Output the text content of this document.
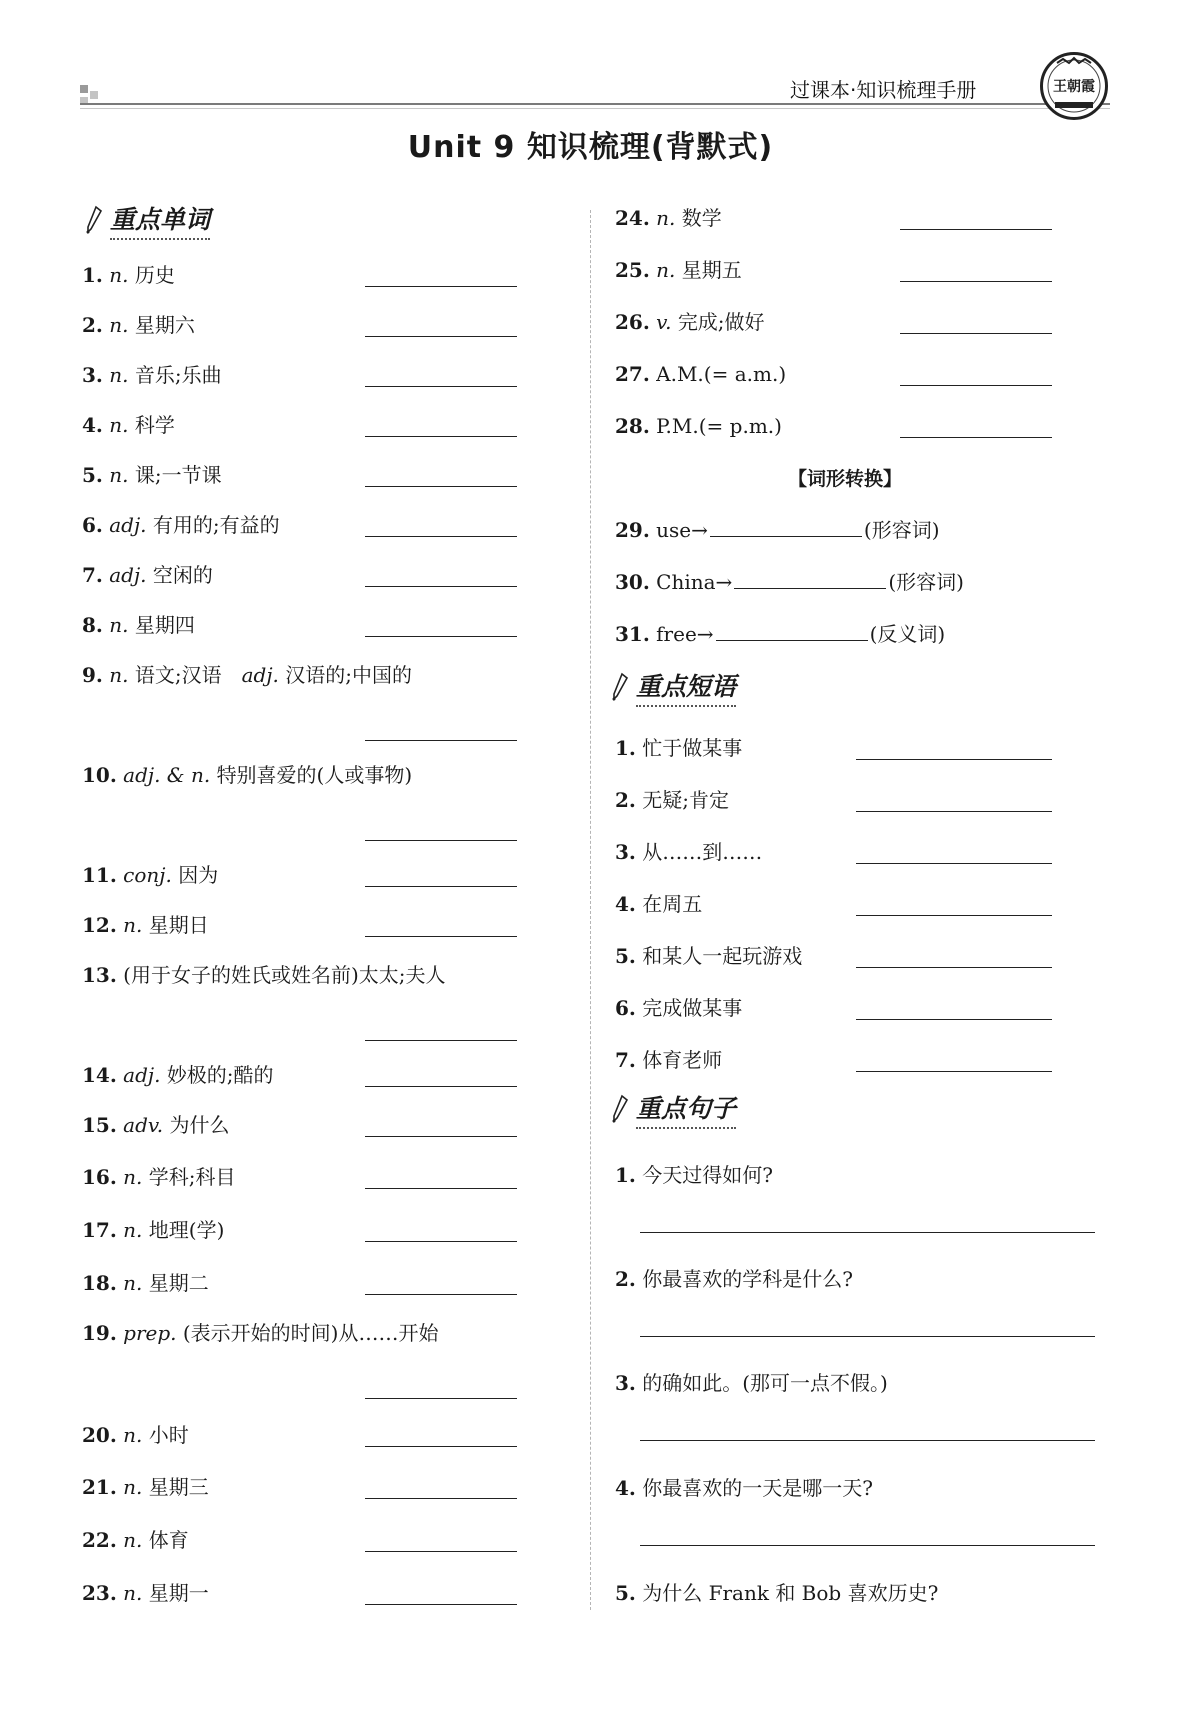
过课本·知识梳理手册	王朝霞
Unit 9 知识梳理(背默式)
重点单词
1. n. 历史
2. n. 星期六
3. n. 音乐;乐曲
4. n. 科学
5. n. 课;一节课
6. adj. 有用的;有益的
7. adj. 空闲的
8. n. 星期四
9. n. 语文;汉语  adj. 汉语的;中国的
10. adj. & n. 特别喜爱的(人或事物)
11. conj. 因为
12. n. 星期日
13. (用于女子的姓氏或姓名前)太太;夫人
14. adj. 妙极的;酷的
15. adv. 为什么
16. n. 学科;科目
17. n. 地理(学)
18. n. 星期二
19. prep. (表示开始的时间)从……开始
20. n. 小时
21. n. 星期三
22. n. 体育
23. n. 星期一
24. n. 数学
25. n. 星期五
26. v. 完成;做好
27. A.M.(= a.m.)
28. P.M.(= p.m.)
【词形转换】
29. use→	(形容词)
30. China→	(形容词)
31. free→	(反义词)
重点短语
1. 忙于做某事
2. 无疑;肯定
3. 从……到……
4. 在周五
5. 和某人一起玩游戏
6. 完成做某事
7. 体育老师
重点句子
1. 今天过得如何?
2. 你最喜欢的学科是什么?
3. 的确如此。(那可一点不假。)
4. 你最喜欢的一天是哪一天?
5. 为什么 Frank 和 Bob 喜欢历史?
